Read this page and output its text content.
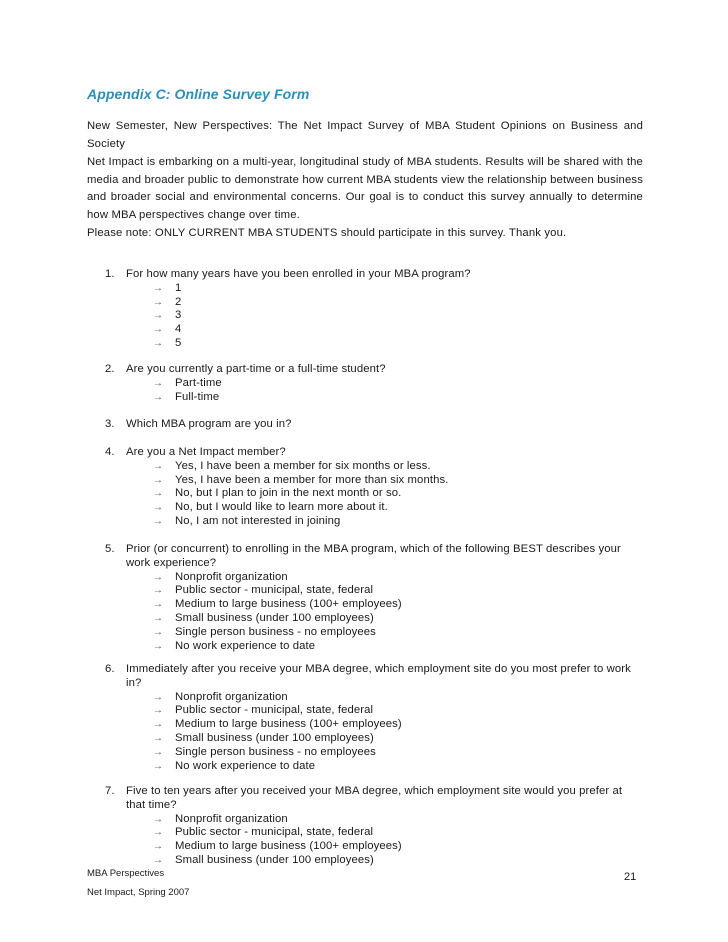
Appendix C: Online Survey Form
New Semester, New Perspectives: The Net Impact Survey of MBA Student Opinions on Business and Society
Net Impact is embarking on a multi-year, longitudinal study of MBA students. Results will be shared with the media and broader public to demonstrate how current MBA students view the relationship between business and broader social and environmental concerns. Our goal is to conduct this survey annually to determine how MBA perspectives change over time.
Please note: ONLY CURRENT MBA STUDENTS should participate in this survey. Thank you.
1. For how many years have you been enrolled in your MBA program?
→ 1
→ 2
→ 3
→ 4
→ 5
2. Are you currently a part-time or a full-time student?
→ Part-time
→ Full-time
3. Which MBA program are you in?
4. Are you a Net Impact member?
→ Yes, I have been a member for six months or less.
→ Yes, I have been a member for more than six months.
→ No, but I plan to join in the next month or so.
→ No, but I would like to learn more about it.
→ No, I am not interested in joining
5. Prior (or concurrent) to enrolling in the MBA program, which of the following BEST describes your work experience?
→ Nonprofit organization
→ Public sector - municipal, state, federal
→ Medium to large business (100+ employees)
→ Small business (under 100 employees)
→ Single person business - no employees
→ No work experience to date
6. Immediately after you receive your MBA degree, which employment site do you most prefer to work in?
→ Nonprofit organization
→ Public sector - municipal, state, federal
→ Medium to large business (100+ employees)
→ Small business (under 100 employees)
→ Single person business - no employees
→ No work experience to date
7. Five to ten years after you received your MBA degree, which employment site would you prefer at that time?
→ Nonprofit organization
→ Public sector - municipal, state, federal
→ Medium to large business (100+ employees)
→ Small business (under 100 employees)
MBA Perspectives
Net Impact, Spring 2007
21
